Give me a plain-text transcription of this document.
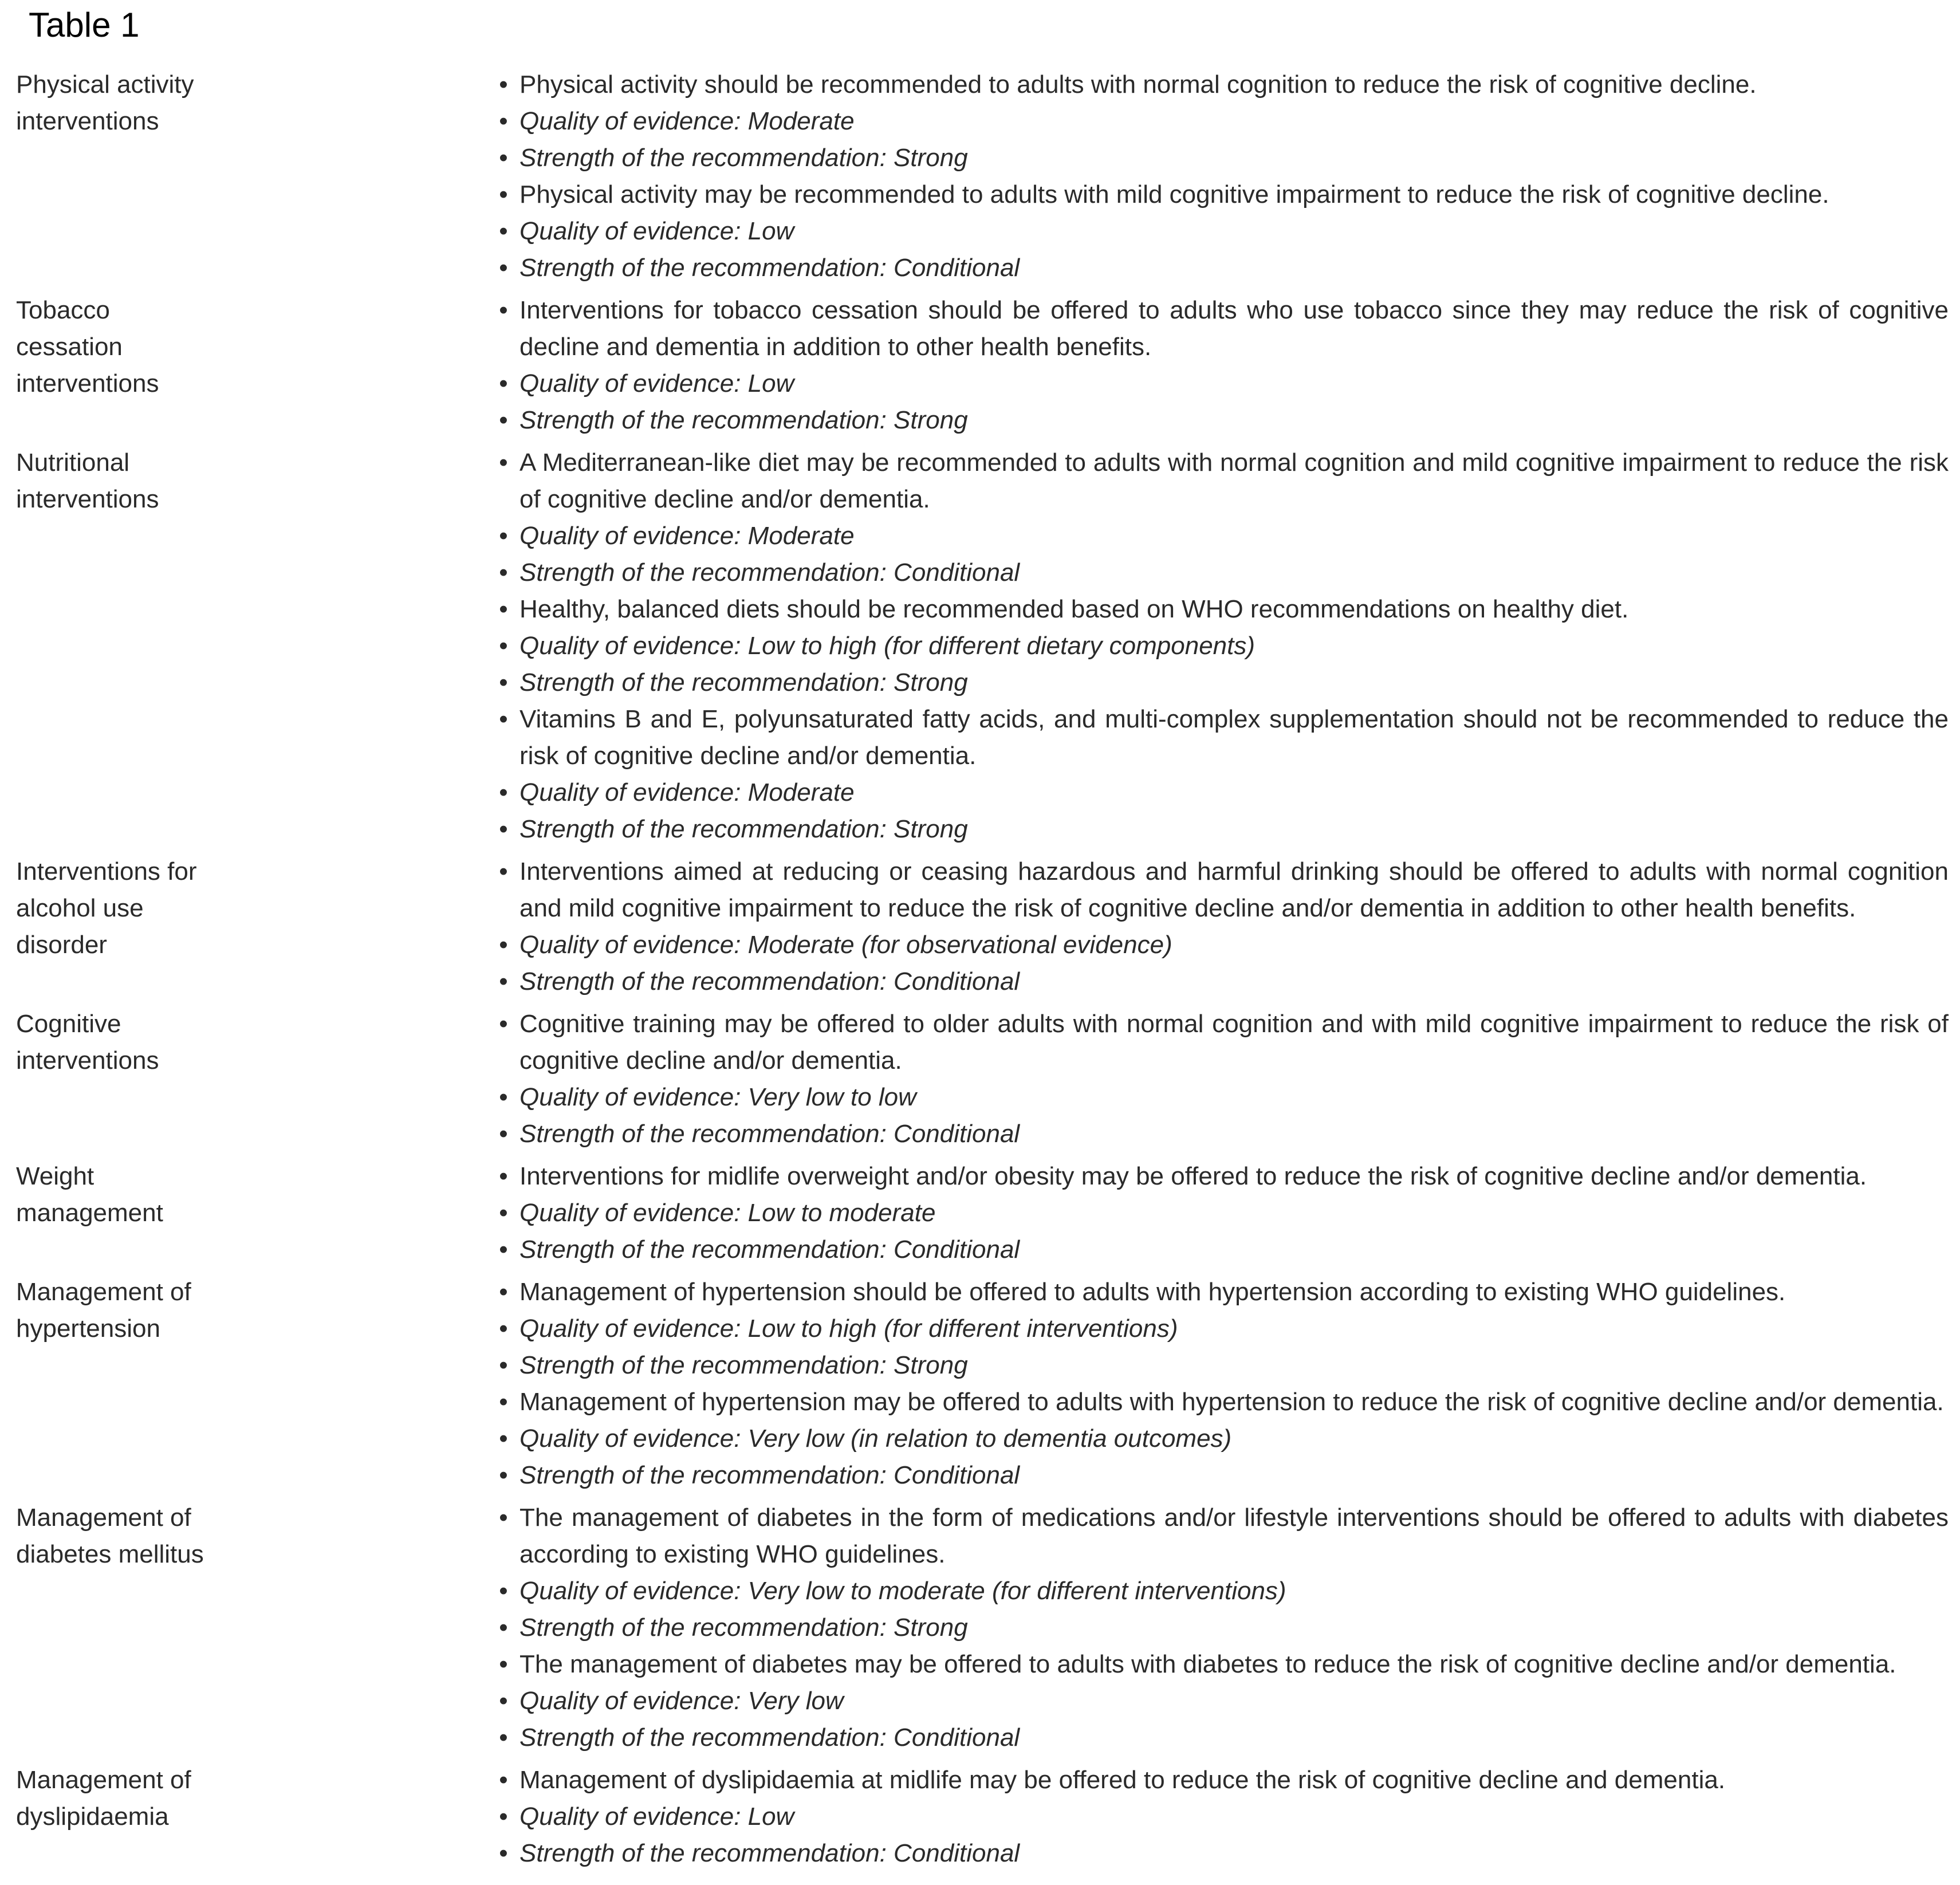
Table 1
Physical activity
interventions
• Physical activity should be recommended to adults with normal cognition to reduce the risk of cognitive decline.
• Quality of evidence: Moderate
• Strength of the recommendation: Strong
• Physical activity may be recommended to adults with mild cognitive impairment to reduce the risk of cognitive decline.
• Quality of evidence: Low
• Strength of the recommendation: Conditional
Tobacco
cessation
interventions
• Interventions for tobacco cessation should be offered to adults who use tobacco since they may reduce the risk of cognitive decline and dementia in addition to other health benefits.
• Quality of evidence: Low
• Strength of the recommendation: Strong
Nutritional
interventions
• A Mediterranean-like diet may be recommended to adults with normal cognition and mild cognitive impairment to reduce the risk of cognitive decline and/or dementia.
• Quality of evidence: Moderate
• Strength of the recommendation: Conditional
• Healthy, balanced diets should be recommended based on WHO recommendations on healthy diet.
• Quality of evidence: Low to high (for different dietary components)
• Strength of the recommendation: Strong
• Vitamins B and E, polyunsaturated fatty acids, and multi-complex supplementation should not be recommended to reduce the risk of cognitive decline and/or dementia.
• Quality of evidence: Moderate
• Strength of the recommendation: Strong
Interventions for
alcohol use
disorder
• Interventions aimed at reducing or ceasing hazardous and harmful drinking should be offered to adults with normal cognition and mild cognitive impairment to reduce the risk of cognitive decline and/or dementia in addition to other health benefits.
• Quality of evidence: Moderate (for observational evidence)
• Strength of the recommendation: Conditional
Cognitive
interventions
• Cognitive training may be offered to older adults with normal cognition and with mild cognitive impairment to reduce the risk of cognitive decline and/or dementia.
• Quality of evidence: Very low to low
• Strength of the recommendation: Conditional
Weight
management
• Interventions for midlife overweight and/or obesity may be offered to reduce the risk of cognitive decline and/or dementia.
• Quality of evidence: Low to moderate
• Strength of the recommendation: Conditional
Management of
hypertension
• Management of hypertension should be offered to adults with hypertension according to existing WHO guidelines.
• Quality of evidence: Low to high (for different interventions)
• Strength of the recommendation: Strong
• Management of hypertension may be offered to adults with hypertension to reduce the risk of cognitive decline and/or dementia.
• Quality of evidence: Very low (in relation to dementia outcomes)
• Strength of the recommendation: Conditional
Management of
diabetes mellitus
• The management of diabetes in the form of medications and/or lifestyle interventions should be offered to adults with diabetes according to existing WHO guidelines.
• Quality of evidence: Very low to moderate (for different interventions)
• Strength of the recommendation: Strong
• The management of diabetes may be offered to adults with diabetes to reduce the risk of cognitive decline and/or dementia.
• Quality of evidence: Very low
• Strength of the recommendation: Conditional
Management of
dyslipidaemia
• Management of dyslipidaemia at midlife may be offered to reduce the risk of cognitive decline and dementia.
• Quality of evidence: Low
• Strength of the recommendation: Conditional
